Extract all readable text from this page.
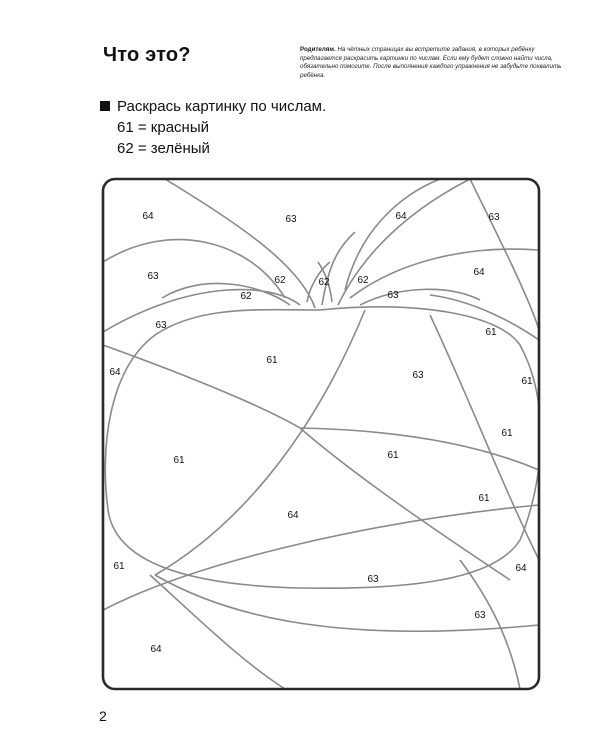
Что это?	Родителям. На чётных страницах вы встретите задания, в которых ребёнку предлагается раскрасить картинки по числам. Если ему будет сложно найти числа, обязательно помогите. После выполнения каждого упражнения не забудьте похвалить ребёнка.
Раскрась картинку по числам.
61 = красный
62 = зелёный
64	63	64	63
63	62	62	62
62
64
63
63
61
61
64	63
61
61
61
61
61
64
61	64
63
63
64
2
